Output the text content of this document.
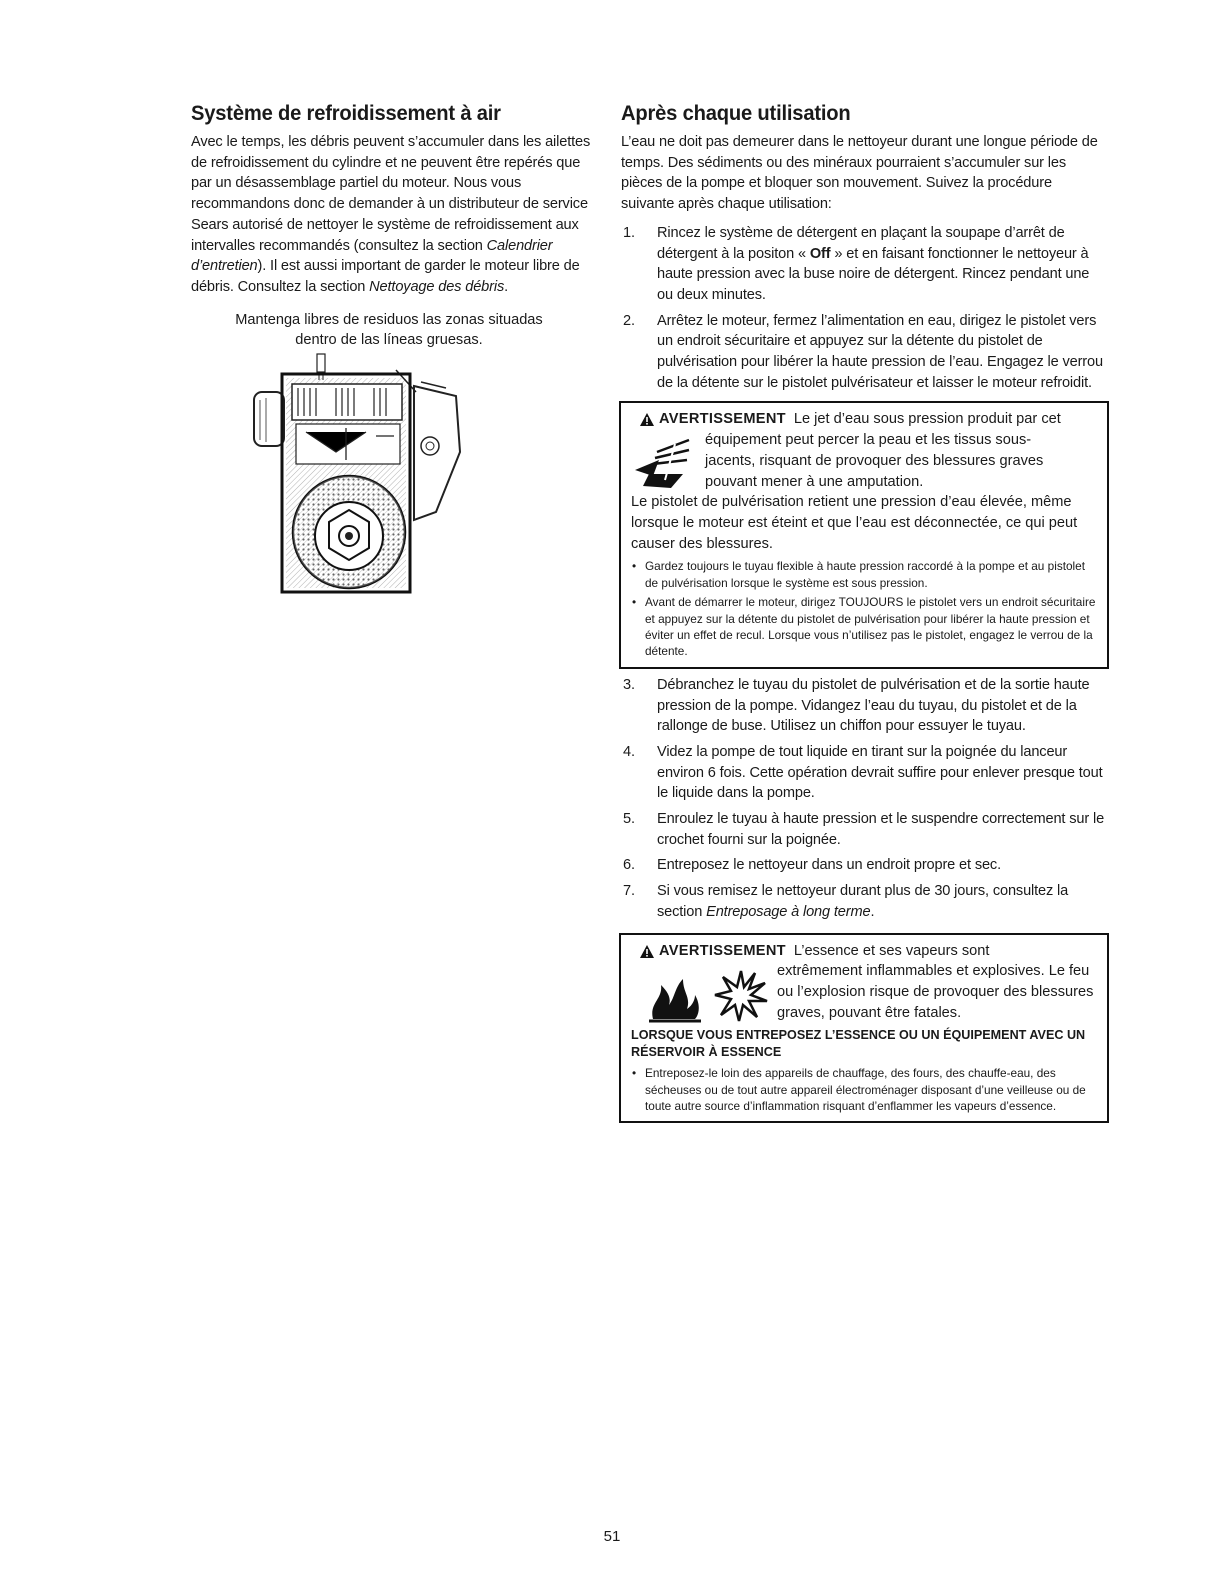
Système de refroidissement à air

Avec le temps, les débris peuvent s’accumuler dans les ailettes de refroidissement du cylindre et ne peuvent être repérés que par un désassemblage partiel du moteur. Nous vous recommandons donc de demander à un distributeur de service Sears autorisé de nettoyer le système de refroidissement aux intervalles recommandés (consultez la section Calendrier d’entretien). Il est aussi important de garder le moteur libre de débris. Consultez la section Nettoyage des débris.

Mantenga libres de residuos las zonas situadas
dentro de las líneas gruesas.
Après chaque utilisation

L’eau ne doit pas demeurer dans le nettoyeur durant une longue période de temps. Des sédiments ou des minéraux pourraient s’accumuler sur les pièces de la pompe et bloquer son mouvement. Suivez la procédure suivante après chaque utilisation:

1. Rincez le système de détergent en plaçant la soupape d’arrêt de détergent à la positon « Off » et en faisant fonctionner le nettoyeur à haute pression avec la buse noire de détergent. Rincez pendant une ou deux minutes.
2. Arrêtez le moteur, fermez l’alimentation en eau, dirigez le pistolet vers un endroit sécuritaire et appuyez sur la détente du pistolet de pulvérisation pour libérer la haute pression de l’eau. Engagez le verrou de la détente sur le pistolet pulvérisateur et laisser le moteur refroidit.
AVERTISSEMENT Le jet d’eau sous pression produit par cet
équipement peut percer la peau et les tissus sous-jacents, risquant de provoquer des blessures graves pouvant mener à une amputation.

Le pistolet de pulvérisation retient une pression d’eau élevée, même lorsque le moteur est éteint et que l’eau est déconnectée, ce qui peut causer des blessures.

• Gardez toujours le tuyau flexible à haute pression raccordé à la pompe et au pistolet de pulvérisation lorsque le système est sous pression.
• Avant de démarrer le moteur, dirigez TOUJOURS le pistolet vers un endroit sécuritaire et appuyez sur la détente du pistolet de pulvérisation pour libérer la haute pression et éviter un effet de recul. Lorsque vous n’utilisez pas le pistolet, engagez le verrou de la détente.
3. Débranchez le tuyau du pistolet de pulvérisation et de la sortie haute pression de la pompe. Vidangez l’eau du tuyau, du pistolet et de la rallonge de buse. Utilisez un chiffon pour essuyer le tuyau.
4. Videz la pompe de tout liquide en tirant sur la poignée du lanceur environ 6 fois. Cette opération devrait suffire pour enlever presque tout le liquide dans la pompe.
5. Enroulez le tuyau à haute pression et le suspendre correctement sur le crochet fourni sur la poignée.
6. Entreposez le nettoyeur dans un endroit propre et sec.
7. Si vous remisez le nettoyeur durant plus de 30 jours, consultez la section Entreposage à long terme.
AVERTISSEMENT L’essence et ses vapeurs sont
extrêmement inflammables et explosives. Le feu ou l’explosion risque de provoquer des blessures graves, pouvant être fatales.
LORSQUE VOUS ENTREPOSEZ L’ESSENCE OU UN ÉQUIPEMENT AVEC UN RÉSERVOIR À ESSENCE
• Entreposez-le loin des appareils de chauffage, des fours, des chauffe-eau, des sécheuses ou de tout autre appareil électroménager disposant d’une veilleuse ou de toute autre source d’inflammation risquant d’enflammer les vapeurs d’essence.
51
